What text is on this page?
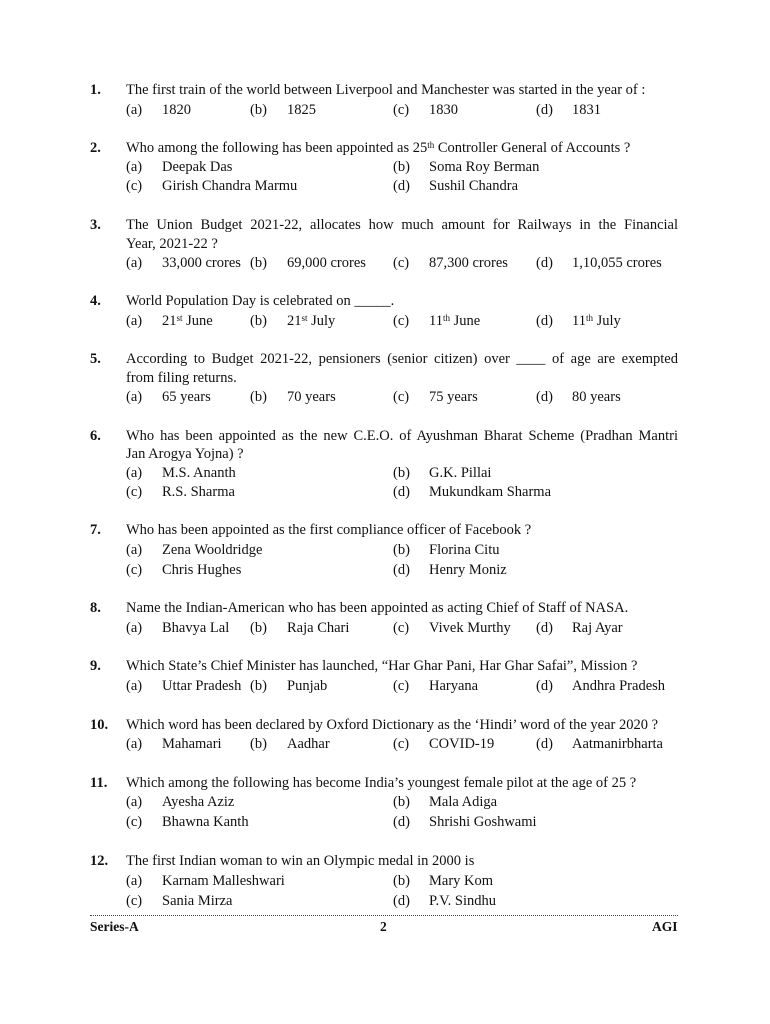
1. The first train of the world between Liverpool and Manchester was started in the year of :
(a) 1820	(b) 1825	(c) 1830	(d) 1831
2. Who among the following has been appointed as 25th Controller General of Accounts ?
(a) Deepak Das	(b) Soma Roy Berman
(c) Girish Chandra Marmu	(d) Sushil Chandra
3. The Union Budget 2021-22, allocates how much amount for Railways in the Financial
Year, 2021-22 ?
(a) 33,000 crores (b) 69,000 crores (c) 87,300 crores (d) 1,10,055 crores
4. World Population Day is celebrated on _____.
(a) 21st June	(b) 21st July	(c) 11th June	(d) 11th July
5. According to Budget 2021-22, pensioners (senior citizen) over ____ of age are exempted
from filing returns.
(a) 65 years	(b) 70 years	(c) 75 years	(d) 80 years
6. Who has been appointed as the new C.E.O. of Ayushman Bharat Scheme (Pradhan Mantri
Jan Arogya Yojna) ?
(a) M.S. Ananth	(b) G.K. Pillai
(c) R.S. Sharma	(d) Mukundkam Sharma
7. Who has been appointed as the first compliance officer of Facebook ?
(a) Zena Wooldridge	(b) Florina Citu
(c) Chris Hughes	(d) Henry Moniz
8. Name the Indian-American who has been appointed as acting Chief of Staff of NASA.
(a) Bhavya Lal (b) Raja Chari	(c) Vivek Murthy (d) Raj Ayar
9. Which State’s Chief Minister has launched, “Har Ghar Pani, Har Ghar Safai”, Mission ?
(a) Uttar Pradesh (b) Punjab	(c) Haryana	(d) Andhra Pradesh
10. Which word has been declared by Oxford Dictionary as the ‘Hindi’ word of the year 2020 ?
(a) Mahamari (b) Aadhar	(c) COVID-19	(d) Aatmanirbharta
11. Which among the following has become India’s youngest female pilot at the age of 25 ?
(a) Ayesha Aziz	(b) Mala Adiga
(c) Bhawna Kanth	(d) Shrishi Goshwami
12. The first Indian woman to win an Olympic medal in 2000 is
(a) Karnam Malleshwari	(b) Mary Kom
(c) Sania Mirza	(d) P.V. Sindhu
Series-A	2	AGI
